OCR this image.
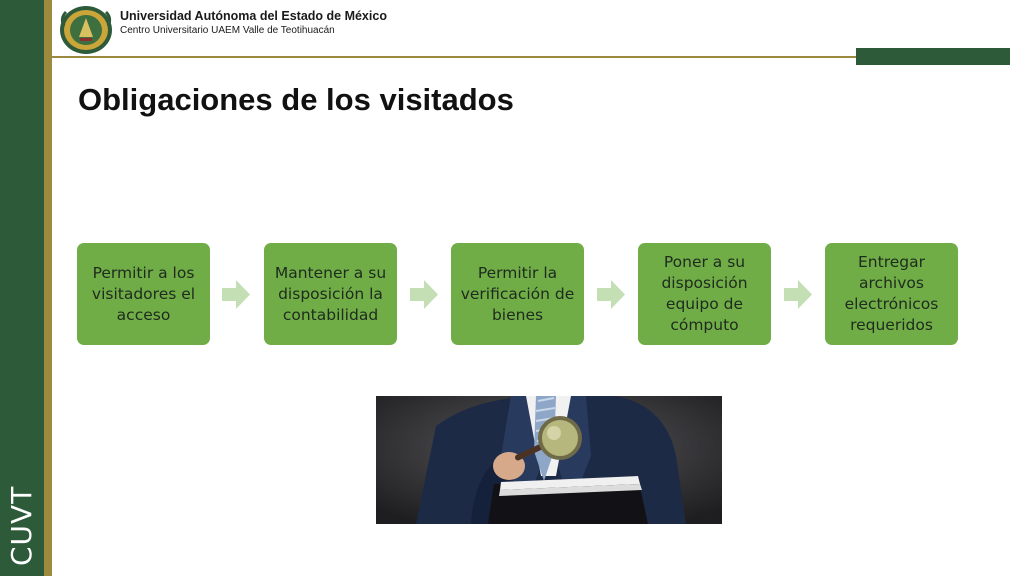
CUVT
Universidad Autónoma del Estado de México
Centro Universitario UAEM Valle de Teotihuacán
Obligaciones de los visitados
Permitir a los visitadores el acceso
Mantener a su disposición la contabilidad
Permitir la verificación de bienes
Poner a su disposición equipo de cómputo
Entregar archivos electrónicos requeridos
